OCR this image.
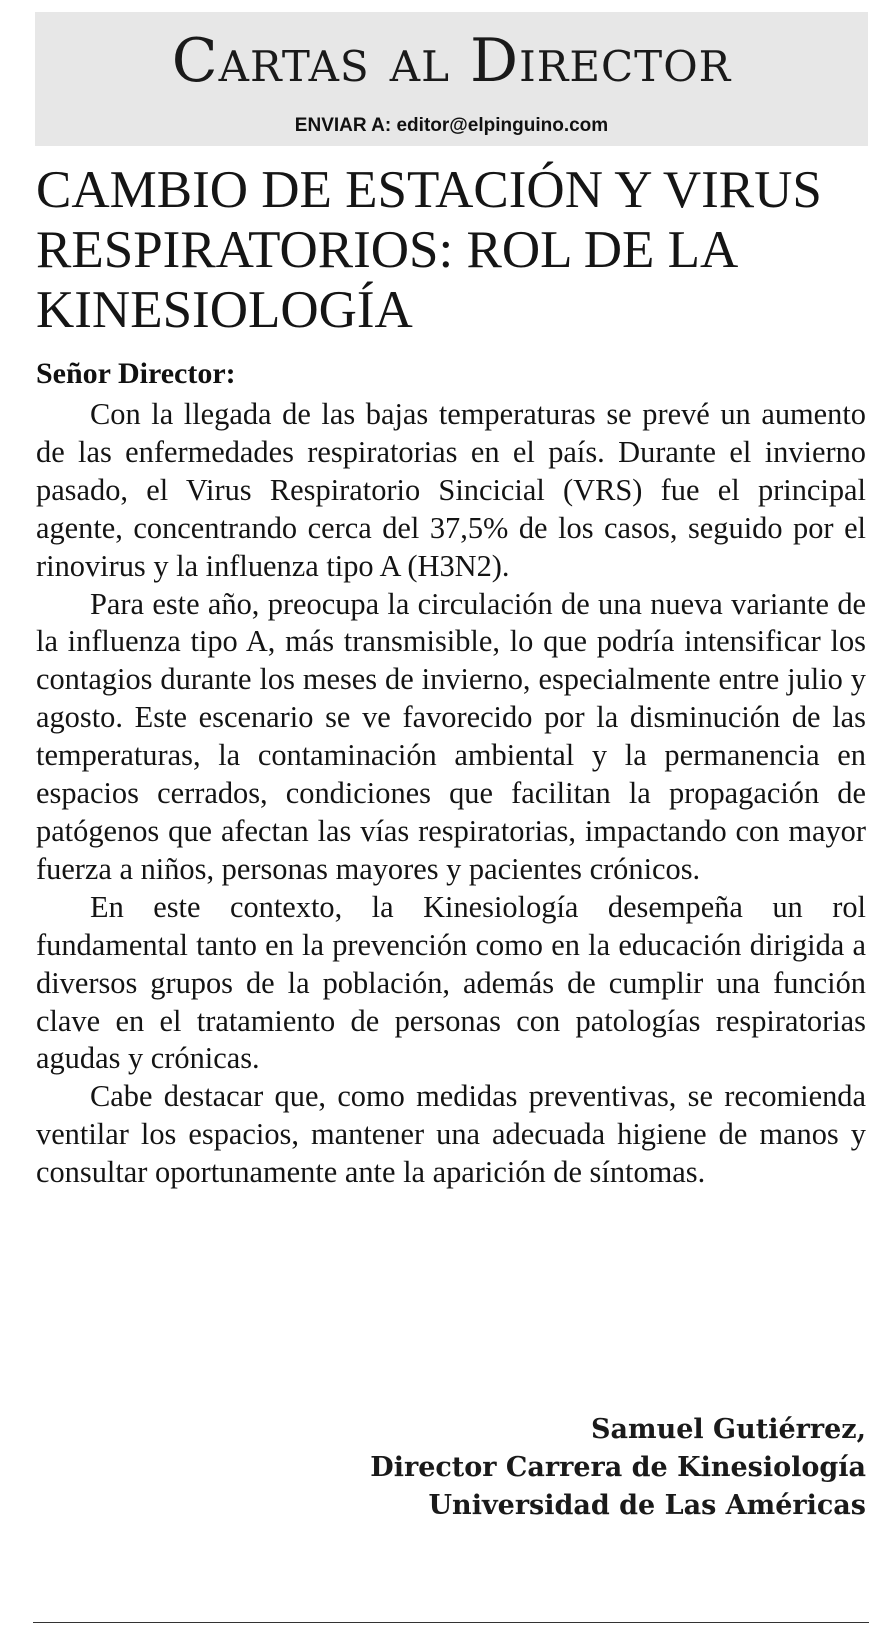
Cartas al Director
ENVIAR A: editor@elpinguino.com
CAMBIO DE ESTACIÓN Y VIRUS RESPIRATORIOS: ROL DE LA KINESIOLOGÍA
Señor Director:

Con la llegada de las bajas temperaturas se prevé un aumento de las enfermedades respiratorias en el país. Durante el invierno pasado, el Virus Respiratorio Sincicial (VRS) fue el principal agente, concentrando cerca del 37,5% de los casos, seguido por el rinovirus y la influenza tipo A (H3N2).

Para este año, preocupa la circulación de una nueva variante de la influenza tipo A, más transmisible, lo que podría intensificar los contagios durante los meses de invierno, especialmente entre julio y agosto. Este escenario se ve favorecido por la disminución de las temperaturas, la contaminación ambiental y la permanencia en espacios cerrados, condiciones que facilitan la propagación de patógenos que afectan las vías respiratorias, impactando con mayor fuerza a niños, personas mayores y pacientes crónicos.

En este contexto, la Kinesiología desempeña un rol fundamental tanto en la prevención como en la educación dirigida a diversos grupos de la población, además de cumplir una función clave en el tratamiento de personas con patologías respiratorias agudas y crónicas.

Cabe destacar que, como medidas preventivas, se recomienda ventilar los espacios, mantener una adecuada higiene de manos y consultar oportunamente ante la aparición de síntomas.

Samuel Gutiérrez,
Director Carrera de Kinesiología
Universidad de Las Américas
